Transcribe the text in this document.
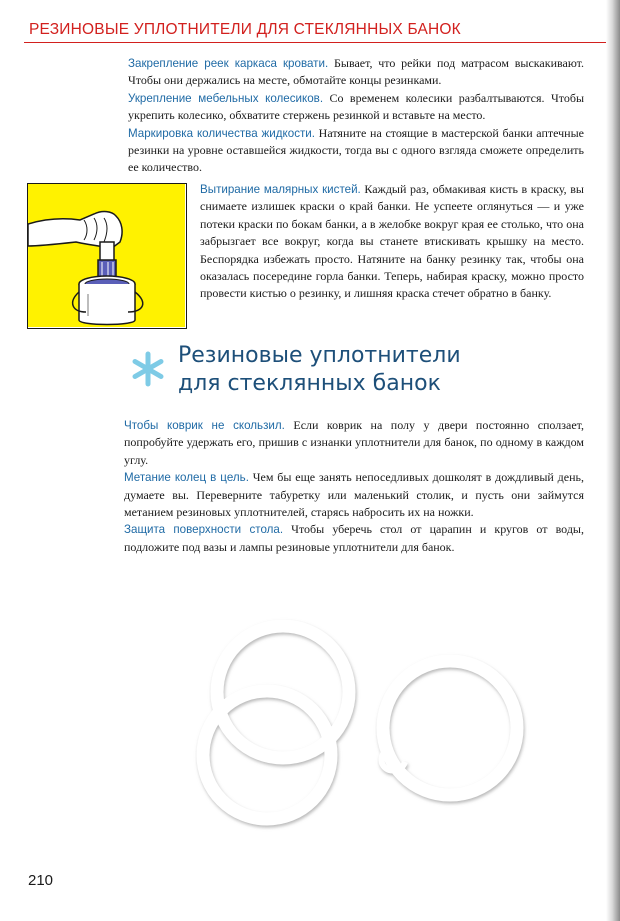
РЕЗИНОВЫЕ УПЛОТНИТЕЛИ ДЛЯ СТЕКЛЯННЫХ БАНОК

Закрепление реек каркаса кровати. Бывает, что рейки под матрасом выскакивают. Чтобы они держались на месте, обмотайте концы резинками.

Укрепление мебельных колесиков. Со временем колесики разбалтываются. Чтобы укрепить колесико, обхватите стержень резинкой и вставьте на место.

Маркировка количества жидкости. Натяните на стоящие в мастерской банки аптечные резинки на уровне оставшейся жидкости, тогда вы с одного взгляда сможете определить ее количество.

Вытирание малярных кистей. Каждый раз, обмакивая кисть в краску, вы снимаете излишек краски о край банки. Не успеете оглянуться — и уже потеки краски по бокам банки, а в желобке вокруг края ее столько, что она забрызгает все вокруг, когда вы станете втискивать крышку на место. Беспорядка избежать просто. Натяните на банку резинку так, чтобы она оказалась посередине горла банки. Теперь, набирая краску, можно просто провести кистью о резинку, и лишняя краска стечет обратно в банку.

Резиновые уплотнители
для стеклянных банок

Чтобы коврик не скользил. Если коврик на полу у двери постоянно сползает, попробуйте удержать его, пришив с изнанки уплотнители для банок, по одному в каждом углу.

Метание колец в цель. Чем бы еще занять непоседливых дошколят в дождливый день, думаете вы. Переверните табуретку или маленький столик, и пусть они займутся метанием резиновых уплотнителей, старясь набросить их на ножки.

Защита поверхности стола. Чтобы уберечь стол от царапин и кругов от воды, подложите под вазы и лампы резиновые уплотнители для банок.

210
